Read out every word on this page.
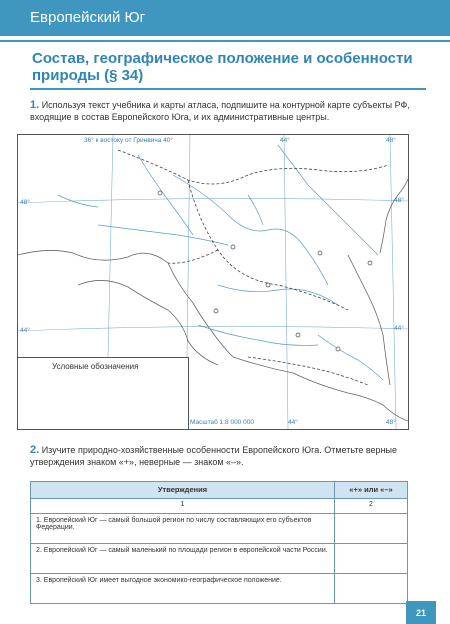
Европейский Юг
Состав, географическое положение и особенности природы (§ 34)
1. Используя текст учебника и карты атласа, подпишите на контурной карте субъекты РФ, входящие в состав Европейского Юга, и их административные центры.
36° к востоку от Гринвича 40°	44°	48°
48°	48°
44°	44°
Условные обозначения
Масштаб 1:8 000 000	44°	48°
2. Изучите природно-хозяйственные особенности Европейского Юга. Отметьте верные утверждения знаком «+», неверные — знаком «–».
Утверждения	«+» или «–»
1	2
1. Европейский Юг — самый большой регион по числу составляющих его субъектов Федерации.	
2. Европейский Юг — самый маленький по площади регион в европейской части России.	
3. Европейский Юг имеет выгодное экономико-географическое положение.	
21
